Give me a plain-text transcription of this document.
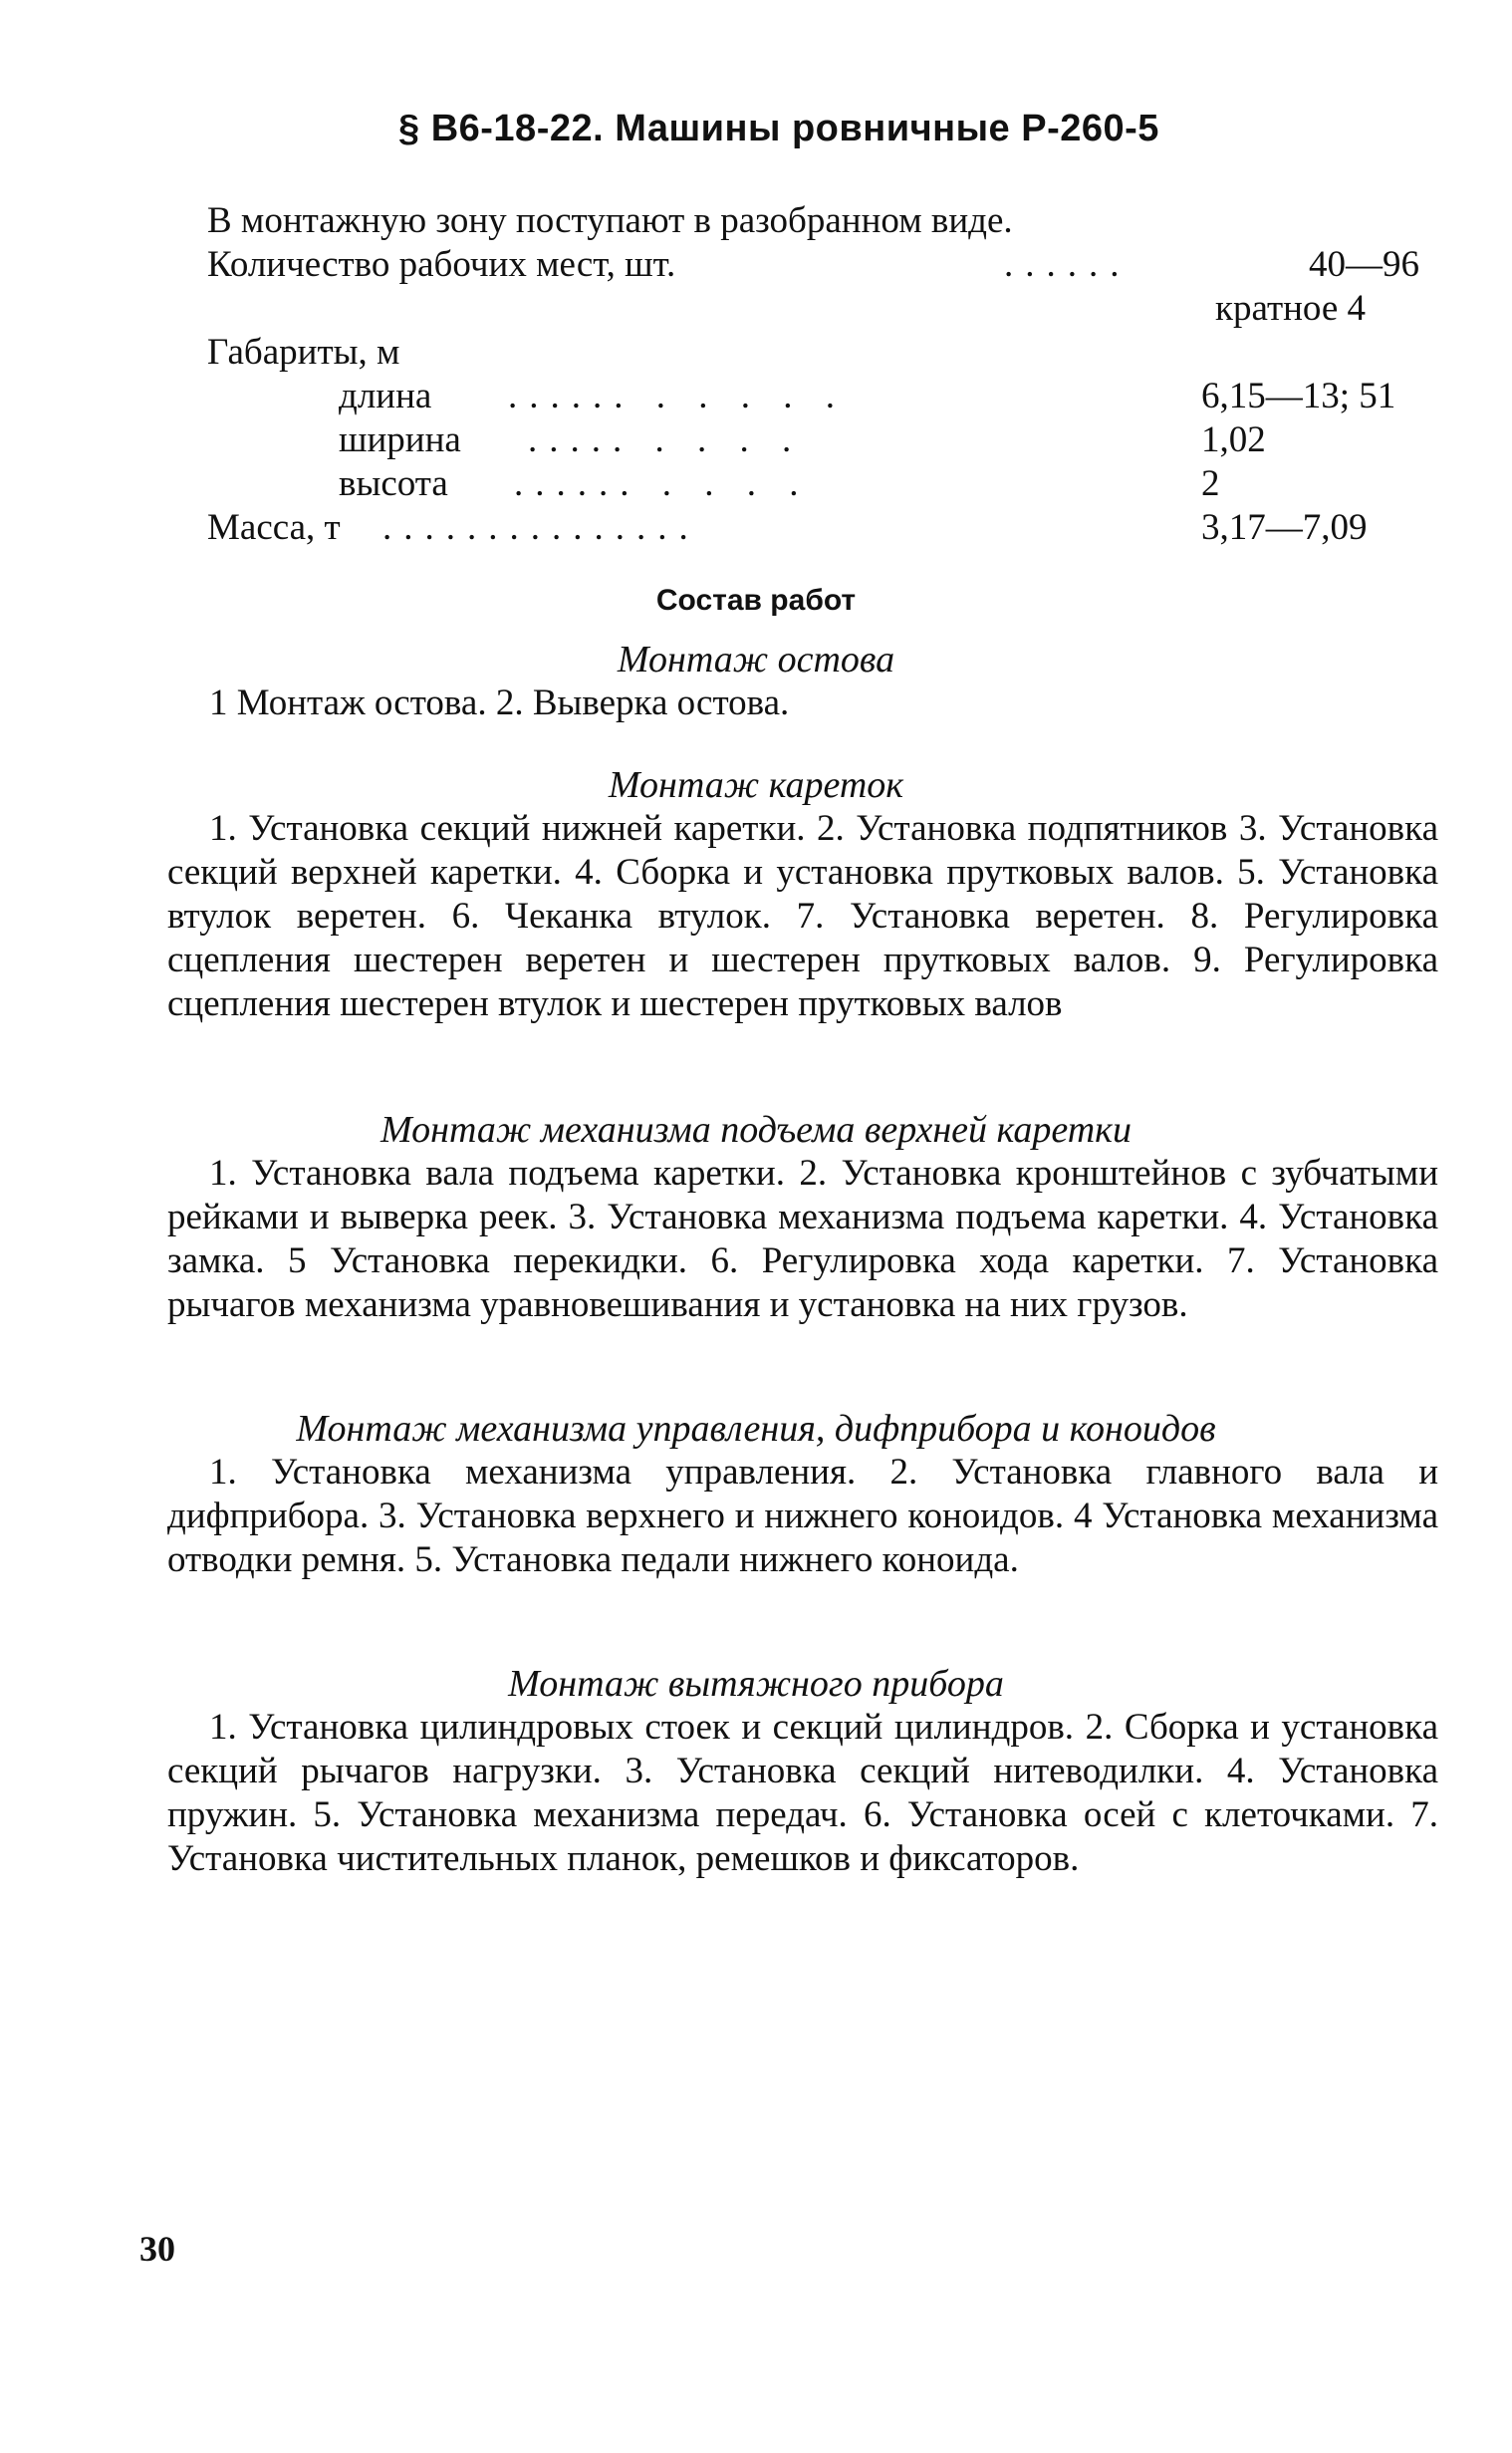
§ В6-18-22. Машины ровничные Р-260-5
В монтажную зону поступают в разобранном виде.
Количество рабочих мест, шт.	......	40—96
кратное 4
Габариты, м
длина ...... . . . . .	6,15—13; 51
ширина ..... . . . .	1,02
высота ...... . . . .	2
Масса, т ...............	3,17—7,09
Состав работ
Монтаж остова
1 Монтаж остова. 2. Выверка остова.
Монтаж кареток
1. Установка секций нижней каретки. 2. Установка подпятников 3. Установка секций верхней каретки. 4. Сборка и установка прутковых валов. 5. Установка втулок веретен. 6. Чеканка втулок. 7. Установка веретен. 8. Регулировка сцепления шестерен веретен и шестерен прутковых валов. 9. Регулировка сцепления шестерен втулок и шестерен прутковых валов
Монтаж механизма подъема верхней каретки
1. Установка вала подъема каретки. 2. Установка кронштейнов с зубчатыми рейками и выверка реек. 3. Установка механизма подъема каретки. 4. Установка замка. 5 Установка перекидки. 6. Регулировка хода каретки. 7. Установка рычагов механизма уравновешивания и установка на них грузов.
Монтаж механизма управления, дифприбора и коноидов
1. Установка механизма управления. 2. Установка главного вала и дифприбора. 3. Установка верхнего и нижнего коноидов. 4 Установка механизма отводки ремня. 5. Установка педали нижнего коноида.
Монтаж вытяжного прибора
1. Установка цилиндровых стоек и секций цилиндров. 2. Сборка и установка секций рычагов нагрузки. 3. Установка секций нитеводилки. 4. Установка пружин. 5. Установка механизма передач. 6. Установка осей с клеточками. 7. Установка чистительных планок, ремешков и фиксаторов.
30
